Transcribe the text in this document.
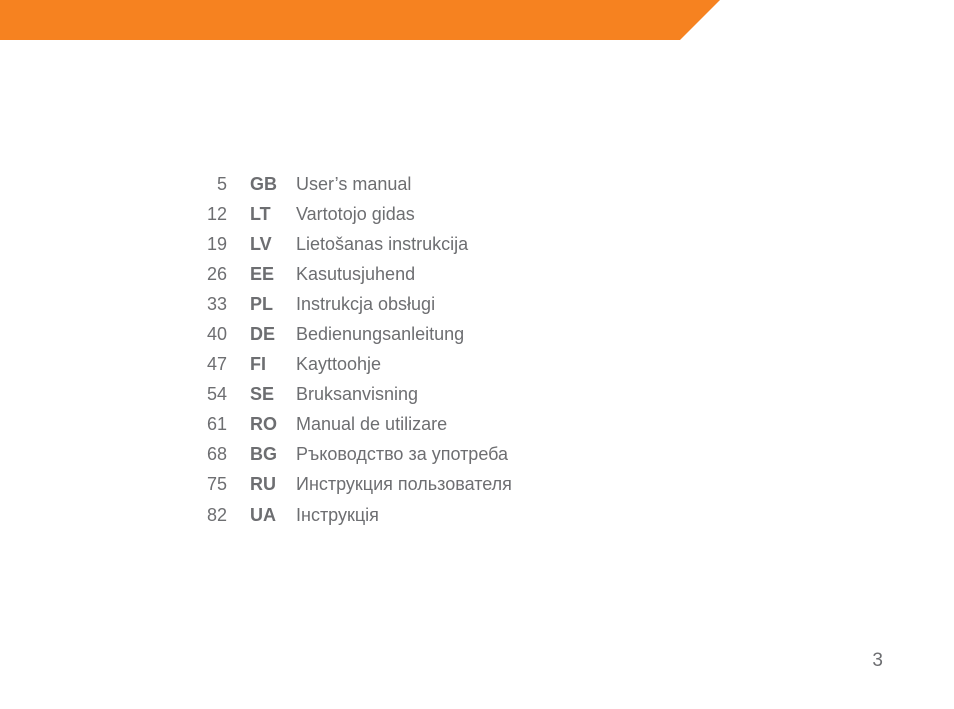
5 GB	User’s manual
12 LT	Vartotojo gidas
19 LV	Lietošanas instrukcija
26 EE	Kasutusjuhend
33 PL	Instrukcja obsługi
40 DE	Bedienungsanleitung
47 FI	Kayttoohje
54 SE	Bruksanvisning
61 RO	Manual de utilizare
68 BG	Ръководство за употреба
75 RU	Инструкция пользователя
82 UA	Інструкція
3
